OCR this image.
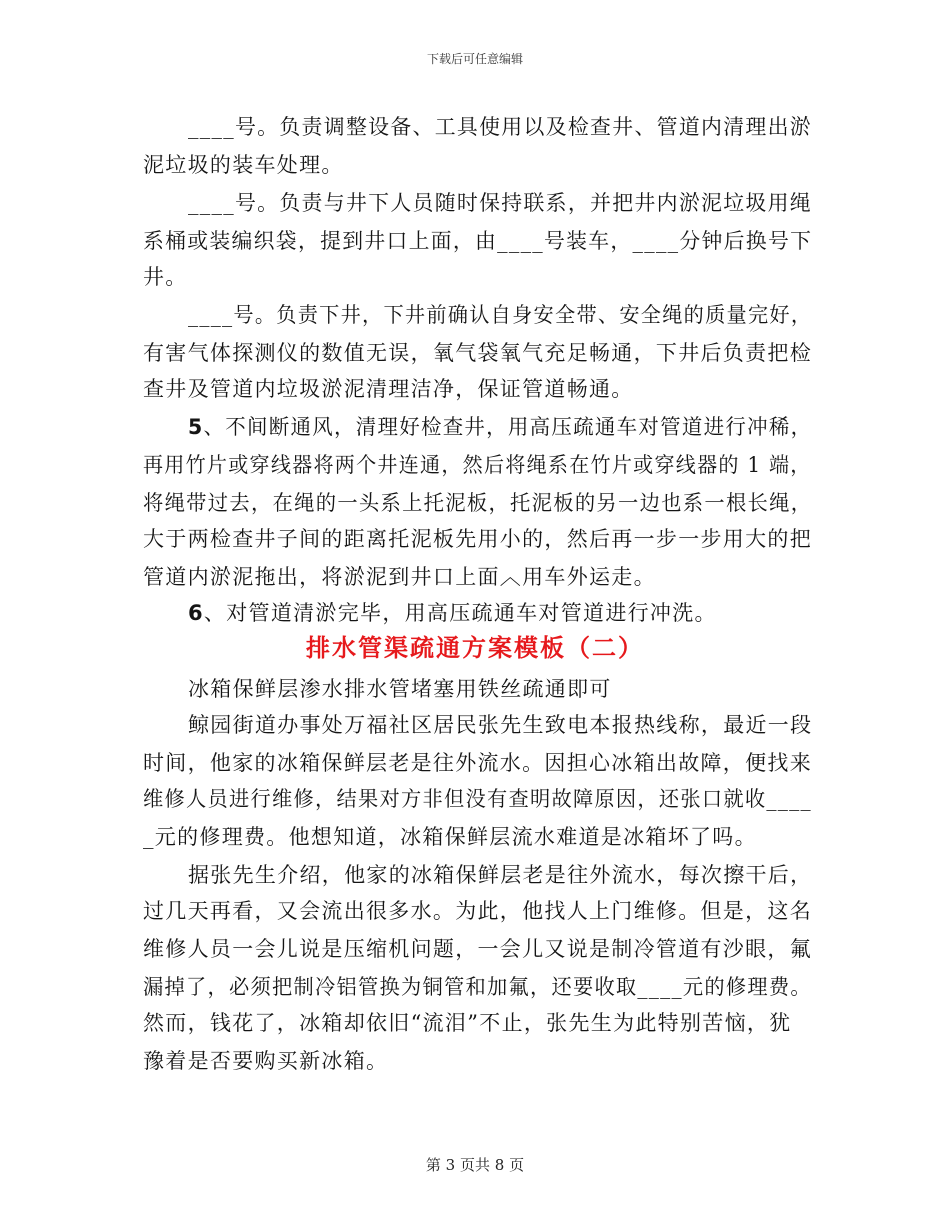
下载后可任意编辑
____号。负责调整设备、工具使用以及检查井、管道内清理出淤
泥垃圾的装车处理。
____号。负责与井下人员随时保持联系，并把井内淤泥垃圾用绳
系桶或装编织袋，提到井口上面，由____号装车，____分钟后换号下
井。
____号。负责下井，下井前确认自身安全带、安全绳的质量完好，
有害气体探测仪的数值无误，氧气袋氧气充足畅通，下井后负责把检
查井及管道内垃圾淤泥清理洁净，保证管道畅通。
5、不间断通风，清理好检查井，用高压疏通车对管道进行冲稀，
再用竹片或穿线器将两个井连通，然后将绳系在竹片或穿线器的 1 端，
将绳带过去，在绳的一头系上托泥板，托泥板的另一边也系一根长绳，
大于两检查井子间的距离托泥板先用小的，然后再一步一步用大的把
管道内淤泥拖出，将淤泥到井口上面︿用车外运走。
6、对管道清淤完毕，用高压疏通车对管道进行冲洗。
排水管渠疏通方案模板（二）
冰箱保鲜层渗水排水管堵塞用铁丝疏通即可
鲸园街道办事处万福社区居民张先生致电本报热线称，最近一段
时间，他家的冰箱保鲜层老是往外流水。因担心冰箱出故障，便找来
维修人员进行维修，结果对方非但没有查明故障原因，还张口就收____
_元的修理费。他想知道，冰箱保鲜层流水难道是冰箱坏了吗。
据张先生介绍，他家的冰箱保鲜层老是往外流水，每次擦干后，
过几天再看，又会流出很多水。为此，他找人上门维修。但是，这名
维修人员一会儿说是压缩机问题，一会儿又说是制冷管道有沙眼，氟
漏掉了，必须把制冷铝管换为铜管和加氟，还要收取____元的修理费。
然而，钱花了，冰箱却依旧“流泪”不止，张先生为此特别苦恼，犹
豫着是否要购买新冰箱。
第 3 页共 8 页
